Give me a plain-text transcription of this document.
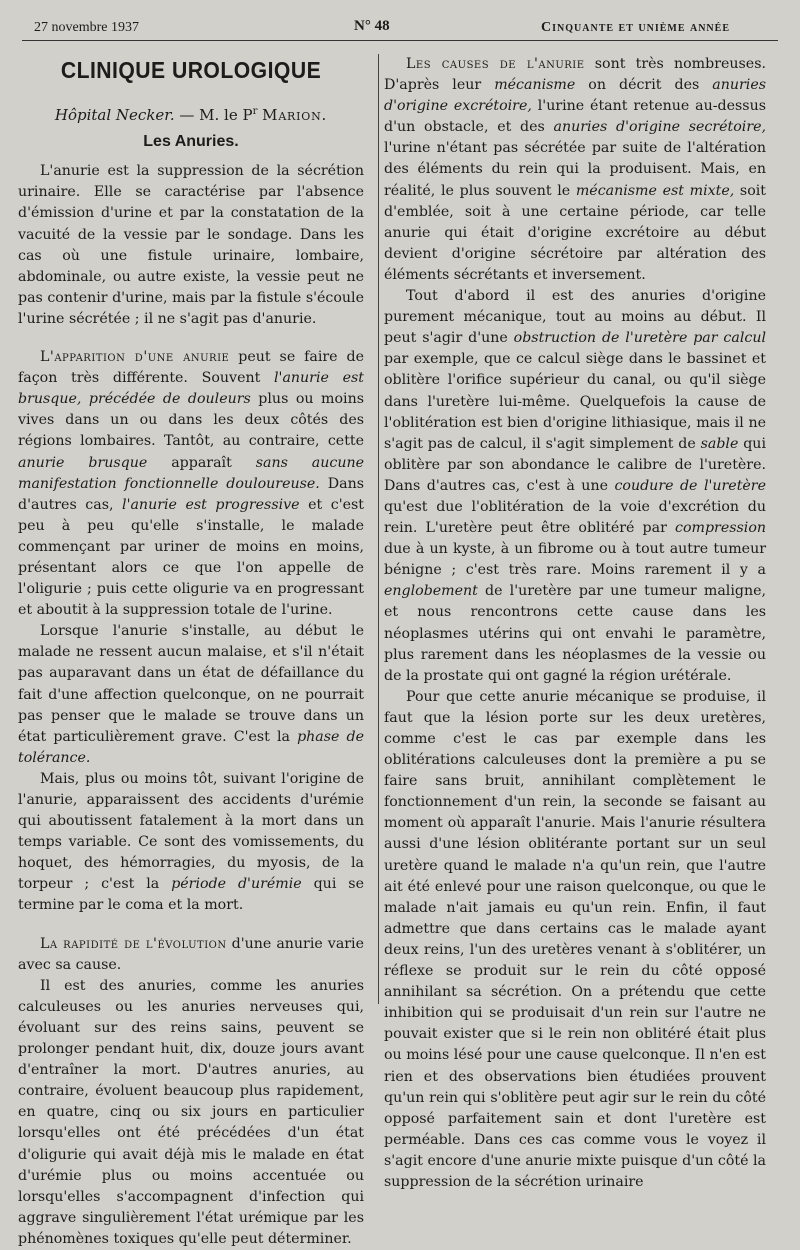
27 novembre 1937	N° 48	Cinquante et unième année
CLINIQUE UROLOGIQUE
Hôpital Necker. — M. le $P^r$ Marion.
Les Anuries.

L'anurie est la suppression de la sécrétion urinaire. Elle se caractérise par l'absence d'émission d'urine et par la constatation de la vacuité de la vessie par le sondage. Dans les cas où une fistule urinaire, lombaire, abdominale, ou autre existe, la vessie peut ne pas contenir d'urine, mais par la fistule s'écoule l'urine sécrétée ; il ne s'agit pas d'anurie.

L'apparition d'une anurie peut se faire de façon très différente. Souvent l'anurie est brusque, précédée de douleurs plus ou moins vives dans un ou dans les deux côtés des régions lombaires. Tantôt, au contraire, cette anurie brusque apparaît sans aucune manifestation fonctionnelle douloureuse. Dans d'autres cas, l'anurie est progressive et c'est peu à peu qu'elle s'installe, le malade commençant par uriner de moins en moins, présentant alors ce que l'on appelle de l'oligurie ; puis cette oligurie va en progressant et aboutit à la suppression totale de l'urine.

Lorsque l'anurie s'installe, au début le malade ne ressent aucun malaise, et s'il n'était pas auparavant dans un état de défaillance du fait d'une affection quelconque, on ne pourrait pas penser que le malade se trouve dans un état particulièrement grave. C'est la phase de tolérance.

Mais, plus ou moins tôt, suivant l'origine de l'anurie, apparaissent des accidents d'urémie qui aboutissent fatalement à la mort dans un temps variable. Ce sont des vomissements, du hoquet, des hémorragies, du myosis, de la torpeur ; c'est la période d'urémie qui se termine par le coma et la mort.

La rapidité de l'évolution d'une anurie varie avec sa cause.

Il est des anuries, comme les anuries calculeuses ou les anuries nerveuses qui, évoluant sur des reins sains, peuvent se prolonger pendant huit, dix, douze jours avant d'entraîner la mort. D'autres anuries, au contraire, évoluent beaucoup plus rapidement, en quatre, cinq ou six jours en particulier lorsqu'elles ont été précédées d'un état d'oligurie qui avait déjà mis le malade en état d'urémie plus ou moins accentuée ou lorsqu'elles s'accompagnent d'infection qui aggrave singulièrement l'état urémique par les phénomènes toxiques qu'elle peut déterminer.

Les causes de l'anurie sont très nombreuses. D'après leur mécanisme on décrit des anuries d'origine excrétoire, l'urine étant retenue au-dessus d'un obstacle, et des anuries d'origine secrétoire, l'urine n'étant pas sécrétée par suite de l'altération des éléments du rein qui la produisent. Mais, en réalité, le plus souvent le mécanisme est mixte, soit d'emblée, soit à une certaine période, car telle anurie qui était d'origine excrétoire au début devient d'origine sécrétoire par altération des éléments sécrétants et inversement.

Tout d'abord il est des anuries d'origine purement mécanique, tout au moins au début. Il peut s'agir d'une obstruction de l'uretère par calcul par exemple, que ce calcul siège dans le bassinet et oblitère l'orifice supérieur du canal, ou qu'il siège dans l'uretère lui-même. Quelquefois la cause de l'oblitération est bien d'origine lithiasique, mais il ne s'agit pas de calcul, il s'agit simplement de sable qui oblitère par son abondance le calibre de l'uretère. Dans d'autres cas, c'est à une coudure de l'uretère qu'est due l'oblitération de la voie d'excrétion du rein. L'uretère peut être oblitéré par compression due à un kyste, à un fibrome ou à tout autre tumeur bénigne ; c'est très rare. Moins rarement il y a englobement de l'uretère par une tumeur maligne, et nous rencontrons cette cause dans les néoplasmes utérins qui ont envahi le paramètre, plus rarement dans les néoplasmes de la vessie ou de la prostate qui ont gagné la région urétérale.

Pour que cette anurie mécanique se produise, il faut que la lésion porte sur les deux uretères, comme c'est le cas par exemple dans les oblitérations calculeuses dont la première a pu se faire sans bruit, annihilant complètement le fonctionnement d'un rein, la seconde se faisant au moment où apparaît l'anurie. Mais l'anurie résultera aussi d'une lésion oblitérante portant sur un seul uretère quand le malade n'a qu'un rein, que l'autre ait été enlevé pour une raison quelconque, ou que le malade n'ait jamais eu qu'un rein. Enfin, il faut admettre que dans certains cas le malade ayant deux reins, l'un des uretères venant à s'oblitérer, un réflexe se produit sur le rein du côté opposé annihilant sa sécrétion. On a prétendu que cette inhibition qui se produisait d'un rein sur l'autre ne pouvait exister que si le rein non oblitéré était plus ou moins lésé pour une cause quelconque. Il n'en est rien et des observations bien étudiées prouvent qu'un rein qui s'oblitère peut agir sur le rein du côté opposé parfaitement sain et dont l'uretère est perméable. Dans ces cas comme vous le voyez il s'agit encore d'une anurie mixte puisque d'un côté la suppression de la sécrétion urinaire
